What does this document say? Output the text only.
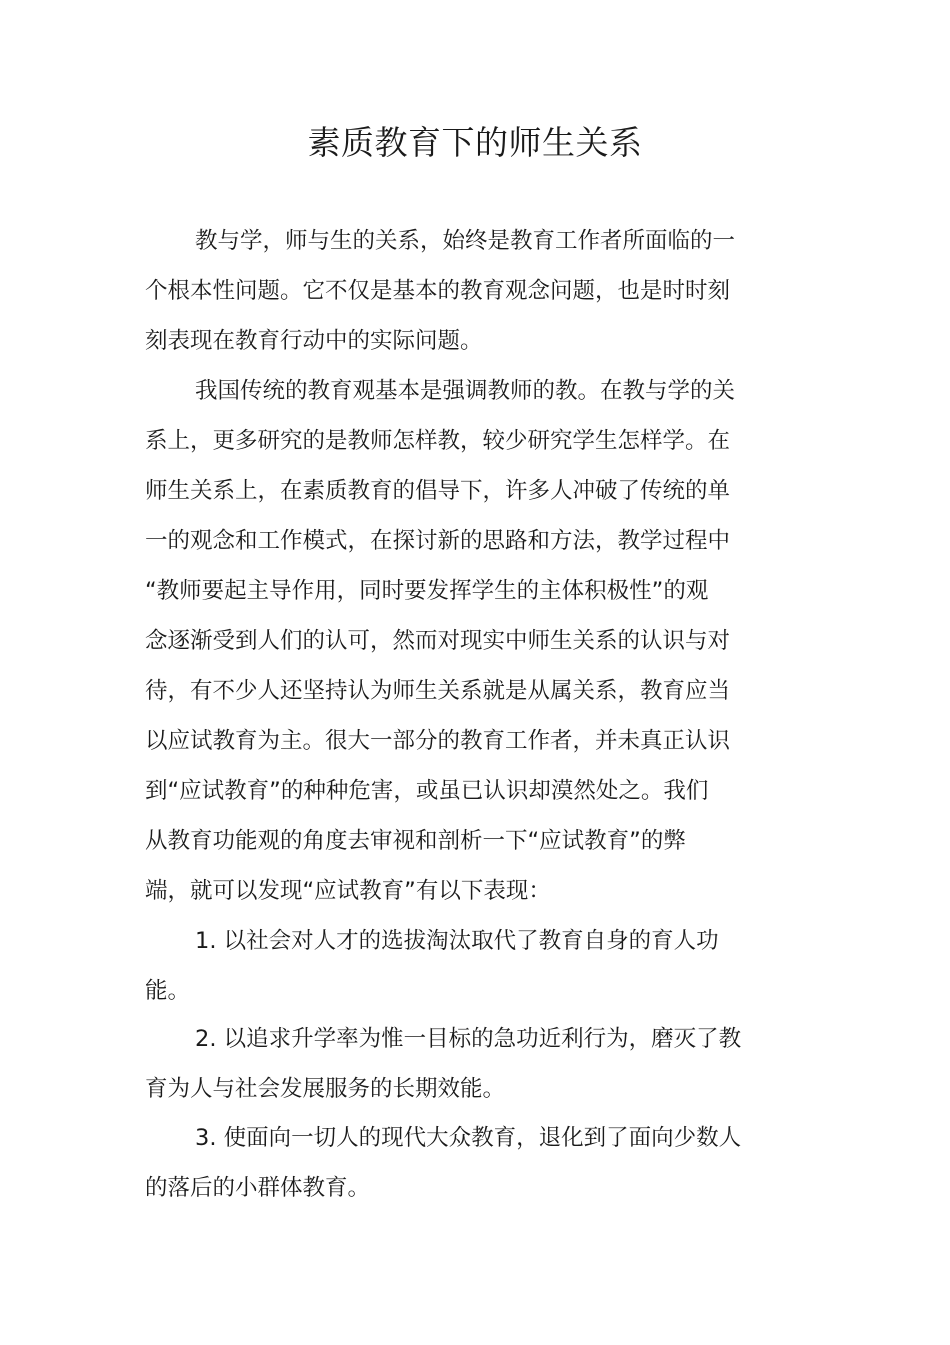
素质教育下的师生关系
教与学，师与生的关系，始终是教育工作者所面临的一
个根本性问题。它不仅是基本的教育观念问题，也是时时刻
刻表现在教育行动中的实际问题。
我国传统的教育观基本是强调教师的教。在教与学的关
系上，更多研究的是教师怎样教，较少研究学生怎样学。在
师生关系上，在素质教育的倡导下，许多人冲破了传统的单
一的观念和工作模式，在探讨新的思路和方法，教学过程中
“教师要起主导作用，同时要发挥学生的主体积极性”的观
念逐渐受到人们的认可，然而对现实中师生关系的认识与对
待，有不少人还坚持认为师生关系就是从属关系，教育应当
以应试教育为主。很大一部分的教育工作者，并未真正认识
到“应试教育”的种种危害，或虽已认识却漠然处之。我们
从教育功能观的角度去审视和剖析一下“应试教育”的弊
端，就可以发现“应试教育”有以下表现：
1. 以社会对人才的选拔淘汰取代了教育自身的育人功
能。
2. 以追求升学率为惟一目标的急功近利行为，磨灭了教
育为人与社会发展服务的长期效能。
3. 使面向一切人的现代大众教育，退化到了面向少数人
的落后的小群体教育。
